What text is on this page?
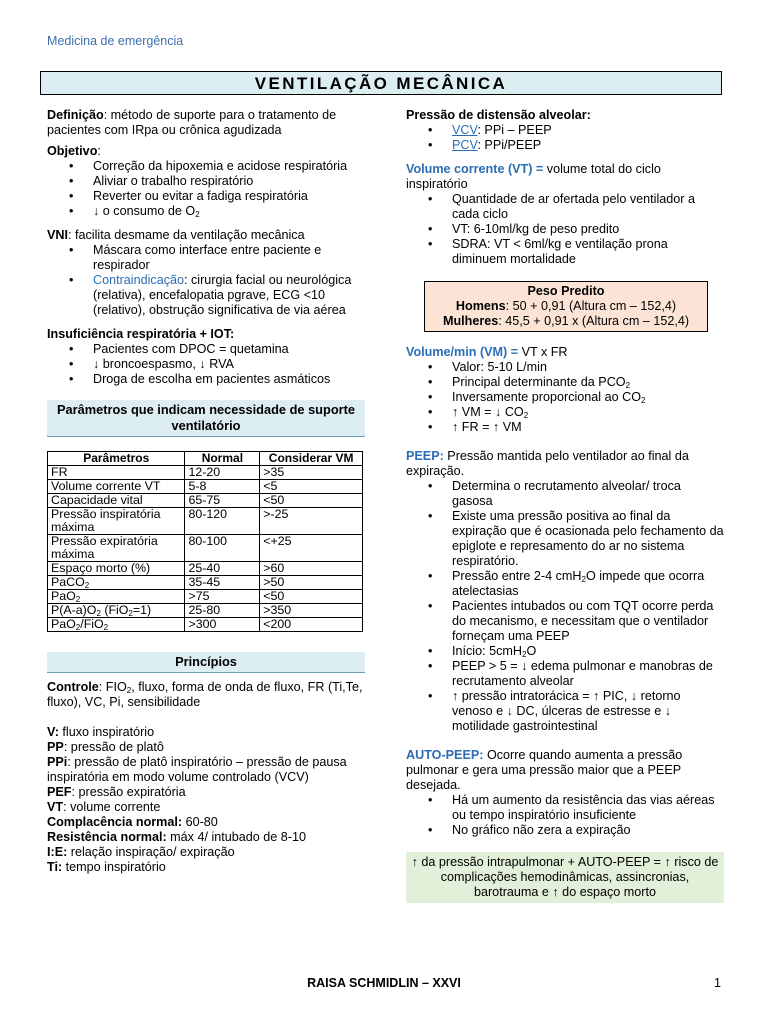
Medicina de emergência
VENTILAÇÃO MECÂNICA

Definição: método de suporte para o tratamento de pacientes com IRpa ou crônica agudizada

Objetivo:

• Correção da hipoxemia e acidose respiratória
• Aliviar o trabalho respiratório
• Reverter ou evitar a fadiga respiratória
• ↓ o consumo de $O_2$

VNI: facilita desmame da ventilação mecânica

• Máscara como interface entre paciente e respirador
• Contraindicação: cirurgia facial ou neurológica (relativa), encefalopatia pgrave, ECG <10 (relativo), obstrução significativa de via aérea

Insuficiência respiratória + IOT:

• Pacientes com DPOC = quetamina
• ↓ broncoespasmo, ↓ RVA
• Droga de escolha em pacientes asmáticos
Parâmetros que indicam necessidade de suporte ventilatório
Parâmetros	Normal	Considerar VM
FR	12-20	>35
Volume corrente VT	5-8	<5
Capacidade vital	65-75	<50
Pressão inspiratória máxima	80-120	>-25
Pressão expiratória máxima	80-100	<+25
Espaço morto (%)	25-40	>60
PaCO$_2$	35-45	>50
PaO$_2$	>75	<50
$P(A-a)O_2$ (FiO$_2$=1)	25-80	>350
PaO$_2$/FiO$_2$	>300	<200
Princípios

Controle: $FIO_2$, fluxo, forma de onda de fluxo, FR (Ti,Te, fluxo), VC, Pi, sensibilidade

V: fluxo inspiratório

PP: pressão de platô

PPi: pressão de platô inspiratório – pressão de pausa inspiratória em modo volume controlado (VCV)

PEF: pressão expiratória

VT: volume corrente

Complacência normal: 60-80

Resistência normal: máx 4/ intubado de 8-10

I:E: relação inspiração/ expiração

Ti: tempo inspiratório

Pressão de distensão alveolar:

• VCV: PPi – PEEP
• PCV: PPi/PEEP

Volume corrente (VT) = volume total do ciclo inspiratório

• Quantidade de ar ofertada pelo ventilador a cada ciclo
• VT: 6-10ml/kg de peso predito
• SDRA: VT < 6ml/kg e ventilação prona diminuem mortalidade

Peso Predito

Homens: 50 + 0,91 (Altura cm – 152,4)

Mulheres: 45,5 + 0,91 x (Altura cm – 152,4)

Volume/min (VM) = VT x FR

• Valor: 5-10 L/min
• Principal determinante da $PCO_2$
• Inversamente proporcional ao $CO_2$
• ↑ VM = ↓ $CO_2$
• ↑ FR = ↑ VM

PEEP: Pressão mantida pelo ventilador ao final da expiração.

• Determina o recrutamento alveolar/ troca gasosa
• Existe uma pressão positiva ao final da expiração que é ocasionada pelo fechamento da epiglote e represamento do ar no sistema respiratório.
• Pressão entre 2-4 cmH$_2$O impede que ocorra atelectasias
• Pacientes intubados ou com TQT ocorre perda do mecanismo, e necessitam que o ventilador forneçam uma PEEP
• Início: 5cmH$_2$O
• PEEP > 5 = ↓ edema pulmonar e manobras de recrutamento alveolar
• ↑ pressão intratorácica = ↑ PIC, ↓ retorno venoso e ↓ DC, úlceras de estresse e ↓ motilidade gastrointestinal

AUTO-PEEP: Ocorre quando aumenta a pressão pulmonar e gera uma pressão maior que a PEEP desejada.

• Há um aumento da resistência das vias aéreas ou tempo inspiratório insuficiente
• No gráfico não zera a expiração
↑ da pressão intrapulmonar + AUTO-PEEP = ↑ risco de complicações hemodinâmicas, assincronias, barotrauma e ↑ do espaço morto
RAISA SCHMIDLIN – XXVI	1
